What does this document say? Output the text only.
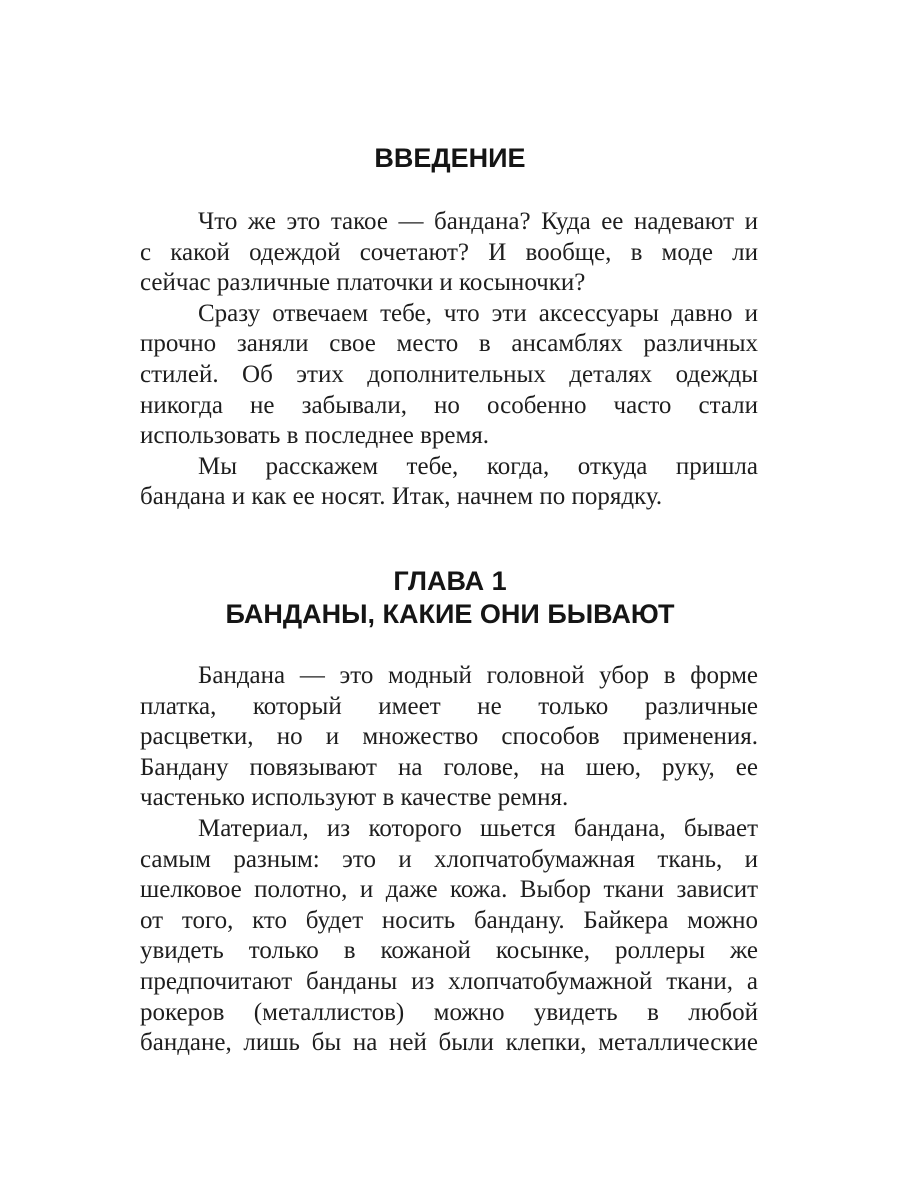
ВВЕДЕНИЕ
Что же это такое — бандана? Куда ее надевают и
с какой одеждой сочетают? И вообще, в моде ли
сейчас различные платочки и косыночки?
Сразу отвечаем тебе, что эти аксессуары давно и
прочно заняли свое место в ансамблях различных
стилей. Об этих дополнительных деталях одежды
никогда не забывали, но особенно часто стали
использовать в последнее время.
Мы расскажем тебе, когда, откуда пришла
бандана и как ее носят. Итак, начнем по порядку.
ГЛАВА 1
БАНДАНЫ, КАКИЕ ОНИ БЫВАЮТ
Бандана — это модный головной убор в форме
платка, который имеет не только различные
расцветки, но и множество способов применения.
Бандану повязывают на голове, на шею, руку, ее
частенько используют в качестве ремня.
Материал, из которого шьется бандана, бывает
самым разным: это и хлопчатобумажная ткань, и
шелковое полотно, и даже кожа. Выбор ткани зависит
от того, кто будет носить бандану. Байкера можно
увидеть только в кожаной косынке, роллеры же
предпочитают банданы из хлопчатобумажной ткани, а
рокеров (металлистов) можно увидеть в любой
бандане, лишь бы на ней были клепки, металлические
